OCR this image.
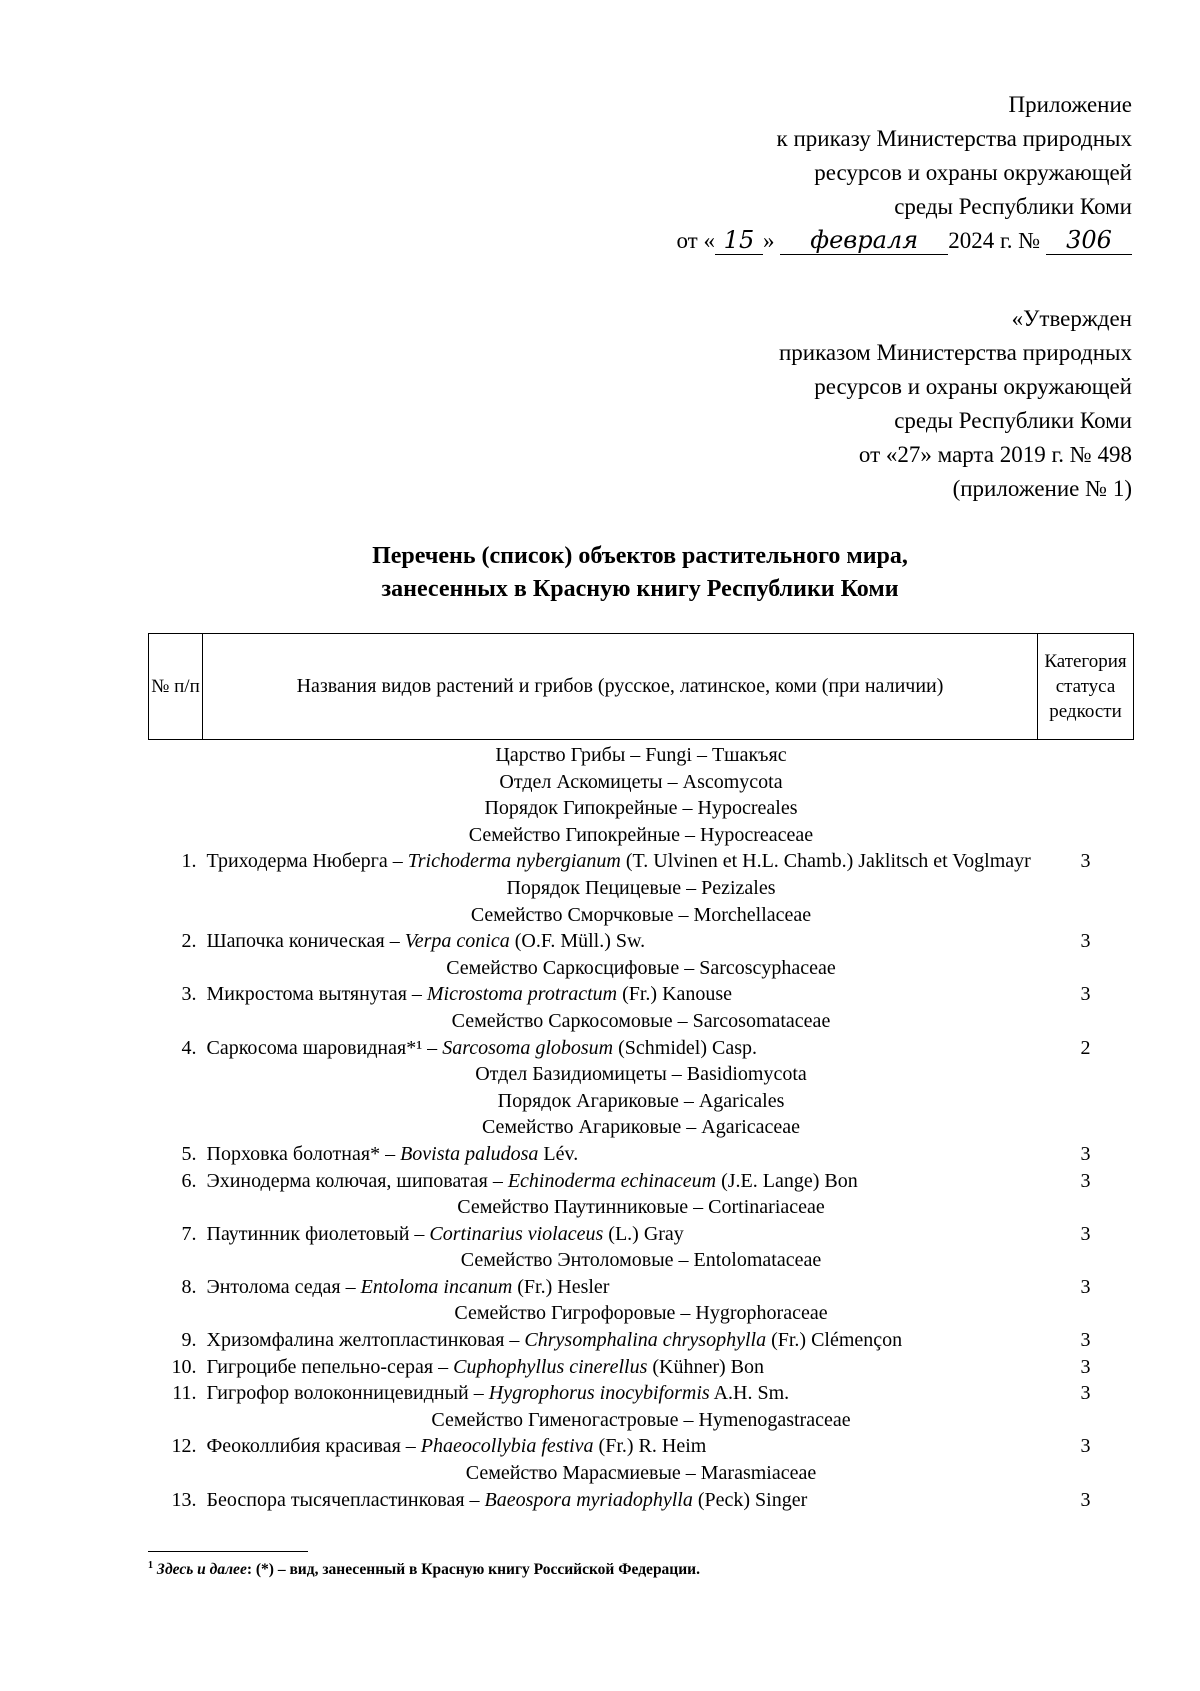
Приложение
к приказу Министерства природных
ресурсов и охраны окружающей
среды Республики Коми
от « 15 » февраля 2024 г. № 306
«Утвержден
приказом Министерства природных
ресурсов и охраны окружающей
среды Республики Коми
от «27» марта 2019 г. № 498
(приложение № 1)
Перечень (список) объектов растительного мира,
занесенных в Красную книгу Республики Коми
№ п/п	Названия видов растений и грибов (русское, латинское, коми (при наличии)	Категория статуса редкости
Царство Грибы – Fungi – Тшакъяс		
Отдел Аскомицеты – Ascomycota		
Порядок Гипокрейные – Hypocreales		
Семейство Гипокрейные – Hypocreaceae		
1.	Триходерма Нюберга – Trichoderma nybergianum (T. Ulvinen et H.L. Chamb.) Jaklitsch et Voglmayr	3
Порядок Пецицевые – Pezizales		
Семейство Сморчковые – Morchellaceae		
2.	Шапочка коническая – Verpa conica (O.F. Müll.) Sw.	3
Семейство Саркосцифовые – Sarcoscyphaceae		
3.	Микростома вытянутая – Microstoma protractum (Fr.) Kanouse	3
Семейство Саркосомовые – Sarcosomataceae		
4.	Саркосома шаровидная*¹ – Sarcosoma globosum (Schmidel) Casp.	2
Отдел Базидиомицеты – Basidiomycota		
Порядок Агариковые – Agaricales		
Семейство Агариковые – Agaricaceae		
5.	Порховка болотная* – Bovista paludosa Lév.	3
6.	Эхинодерма колючая, шиповатая – Echinoderma echinaceum (J.E. Lange) Bon	3
Семейство Паутинниковые – Cortinariaceae		
7.	Паутинник фиолетовый – Cortinarius violaceus (L.) Gray	3
Семейство Энтоломовые – Entolomataceae		
8.	Энтолома седая – Entoloma incanum (Fr.) Hesler	3
Семейство Гигрофоровые – Hygrophoraceae		
9.	Хризомфалина желтопластинковая – Chrysomphalina chrysophylla (Fr.) Clémençon	3
10.	Гигроцибе пепельно-серая – Cuphophyllus cinerellus (Kühner) Bon	3
11.	Гигрофор волоконницевидный – Hygrophorus inocybiformis A.H. Sm.	3
Семейство Гименогастровые – Hymenogastraceae		
12.	Феоколлибия красивая – Phaeocollybia festiva (Fr.) R. Heim	3
Семейство Марасмиевые – Marasmiaceae		
13.	Беоспора тысячепластинковая – Baeospora myriadophylla (Peck) Singer	3
$^1$ Здесь и далее: (*) – вид, занесенный в Красную книгу Российской Федерации.
